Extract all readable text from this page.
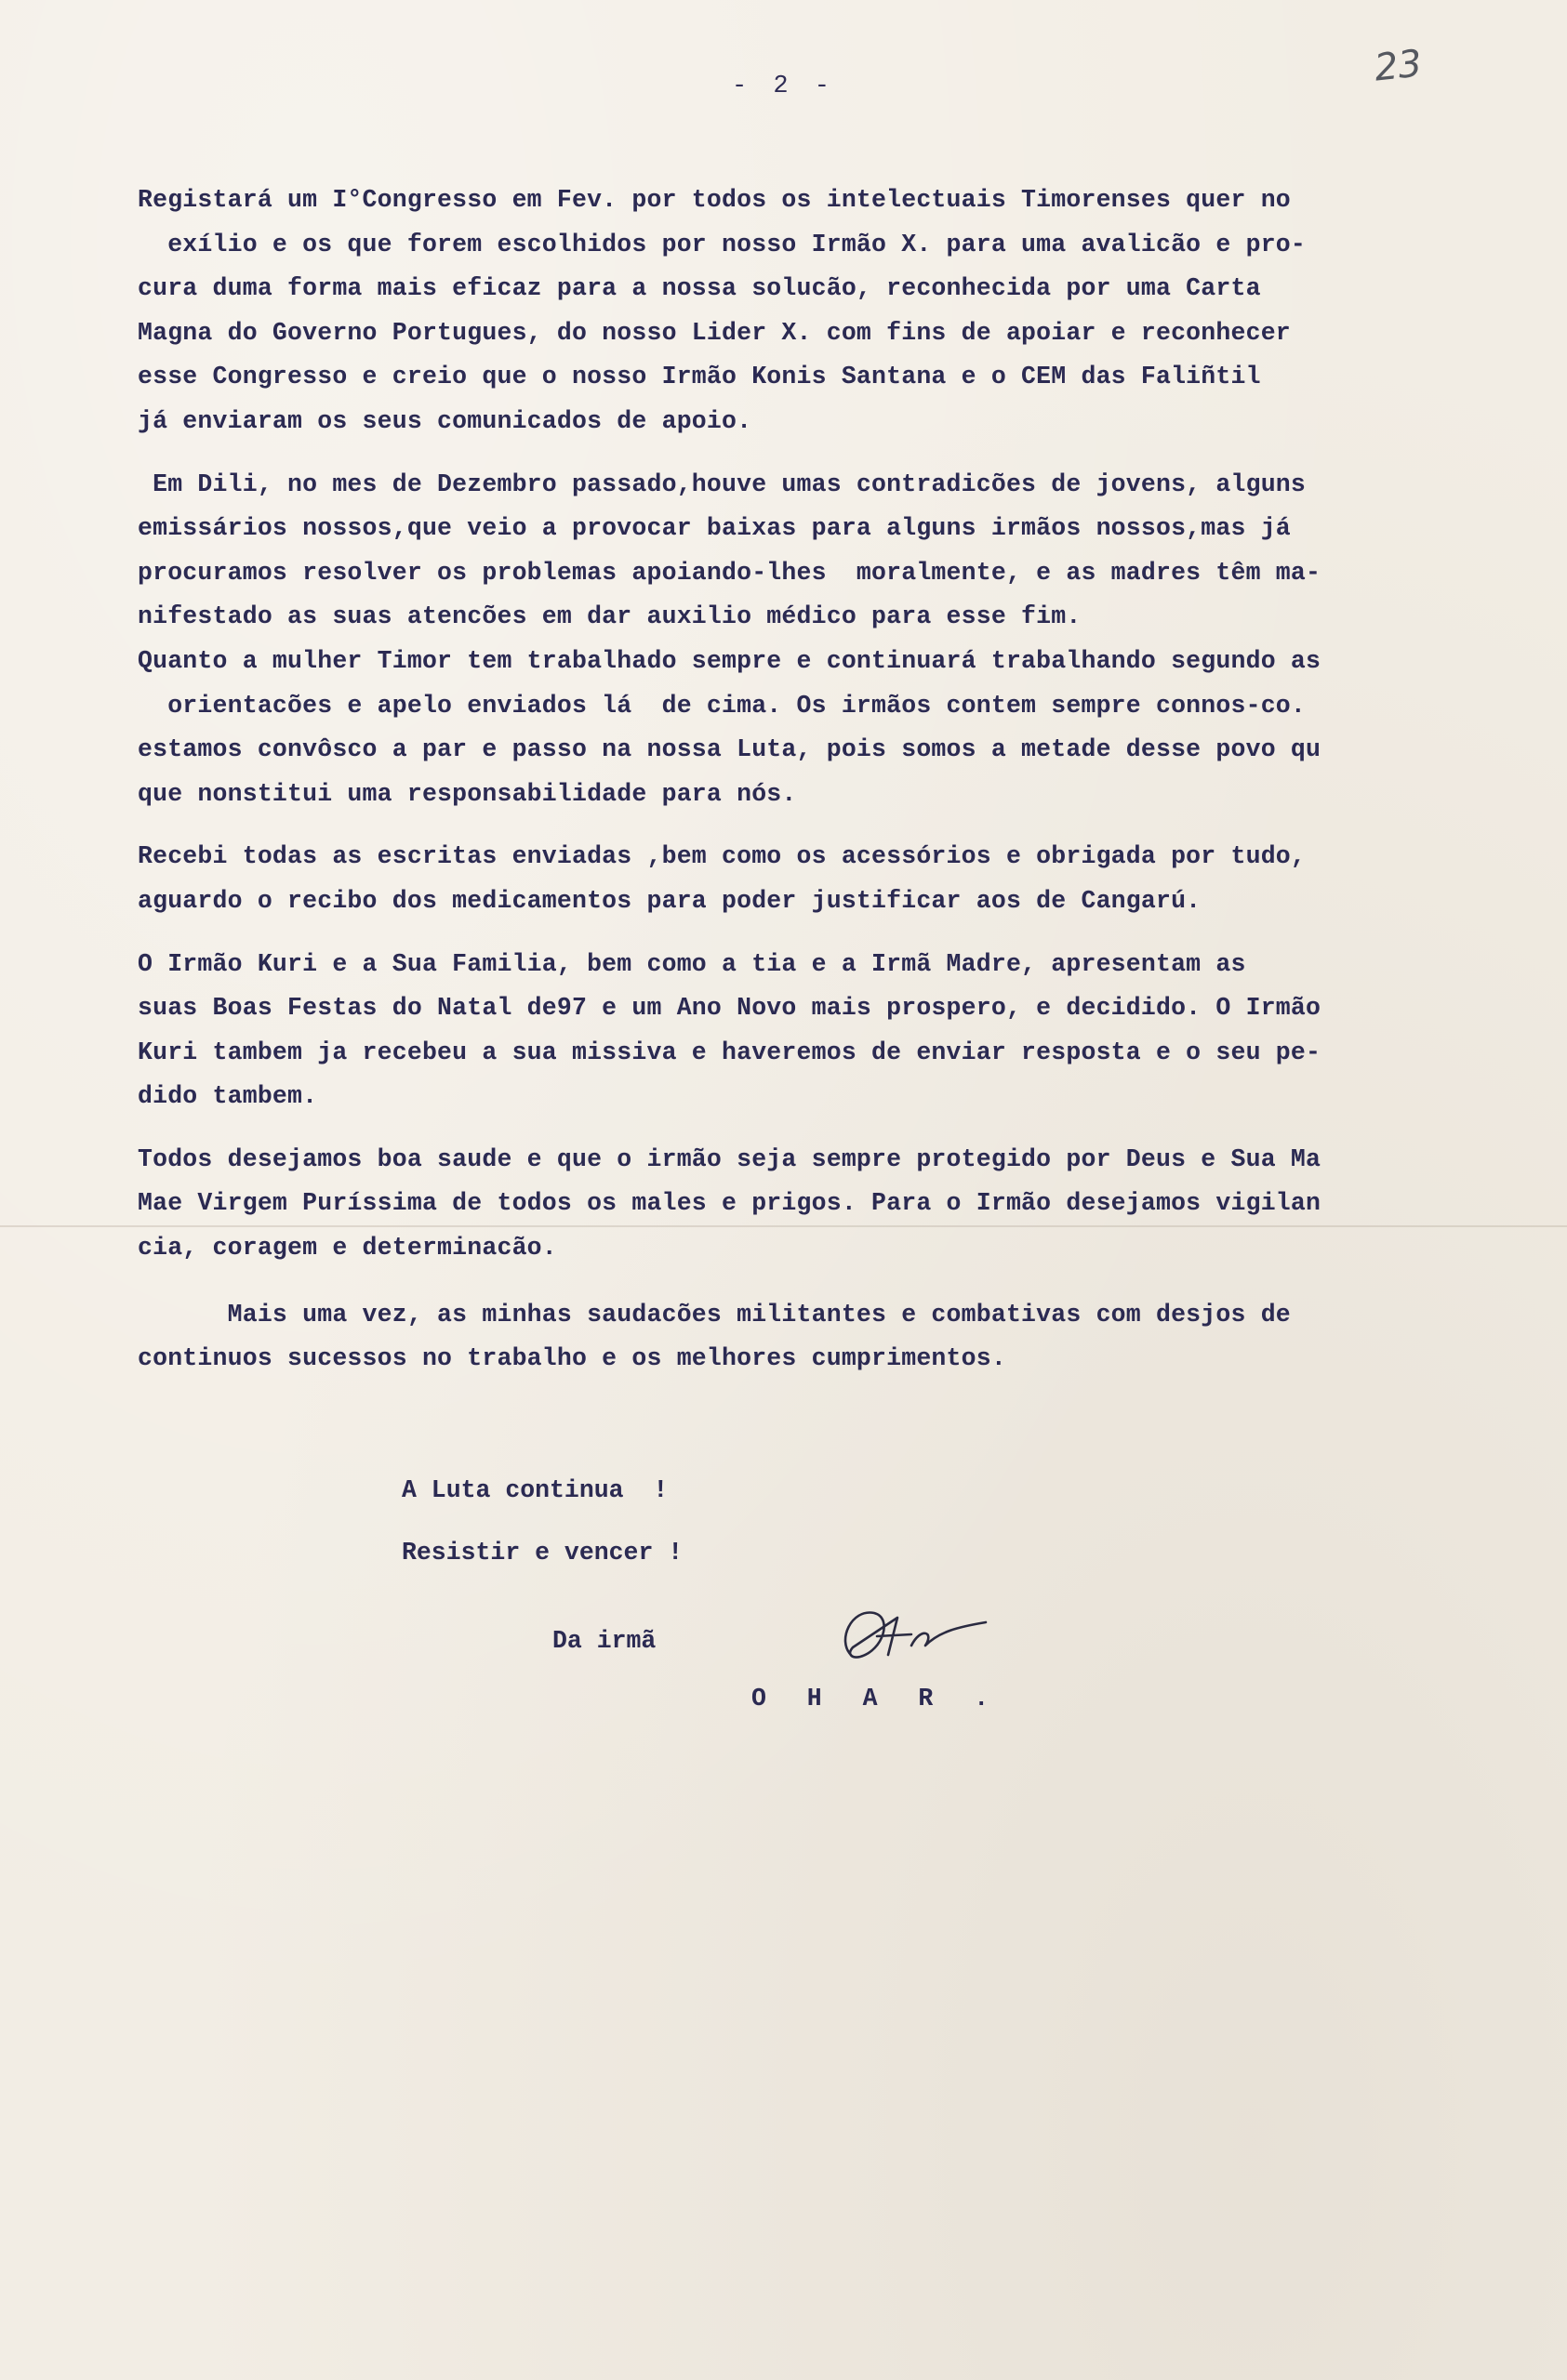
23
- 2 -
Registará um I°Congresso em Fev. por todos os intelectuais Timorenses quer no
exílio e os que forem escolhidos por nosso Irmão X. para uma avalicão e pro-
cura duma forma mais eficaz para a nossa solucão, reconhecida por uma Carta
Magna do Governo Portugues, do nosso Lider X. com fins de apoiar e reconhecer
esse Congresso e creio que o nosso Irmão Konis Santana e o CEM das Faliñtil
já enviaram os seus comunicados de apoio.
Em Dili, no mes de Dezembro passado,houve umas contradicões de jovens, alguns
emissários nossos,que veio a provocar baixas para alguns irmãos nossos,mas já
procuramos resolver os problemas apoiando-lhes  moralmente, e as madres têm ma-
nifestado as suas atencões em dar auxilio médico para esse fim.
Quanto a mulher Timor tem trabalhado sempre e continuará trabalhando segundo as
orientacões e apelo enviados lá  de cima. Os irmãos contem sempre connos-co.
estamos convôsco a par e passo na nossa Luta, pois somos a metade desse povo qu
que nonstitui uma responsabilidade para nós.
Recebi todas as escritas enviadas ,bem como os acessórios e obrigada por tudo,
aguardo o recibo dos medicamentos para poder justificar aos de Cangarú.
O Irmão Kuri e a Sua Familia, bem como a tia e a Irmã Madre, apresentam as
suas Boas Festas do Natal de97 e um Ano Novo mais prospero, e decidido. O Irmão
Kuri tambem ja recebeu a sua missiva e haveremos de enviar resposta e o seu pe-
dido tambem.
Todos desejamos boa saude e que o irmão seja sempre protegido por Deus e Sua Ma
Mae Virgem Puríssima de todos os males e prigos. Para o Irmão desejamos vigilan
cia, coragem e determinacão.
Mais uma vez, as minhas saudacões militantes e combativas com desjos de
continuos sucessos no trabalho e os melhores cumprimentos.
A Luta continua  !
Resistir e vencer !
Da irmã
O H A R .
